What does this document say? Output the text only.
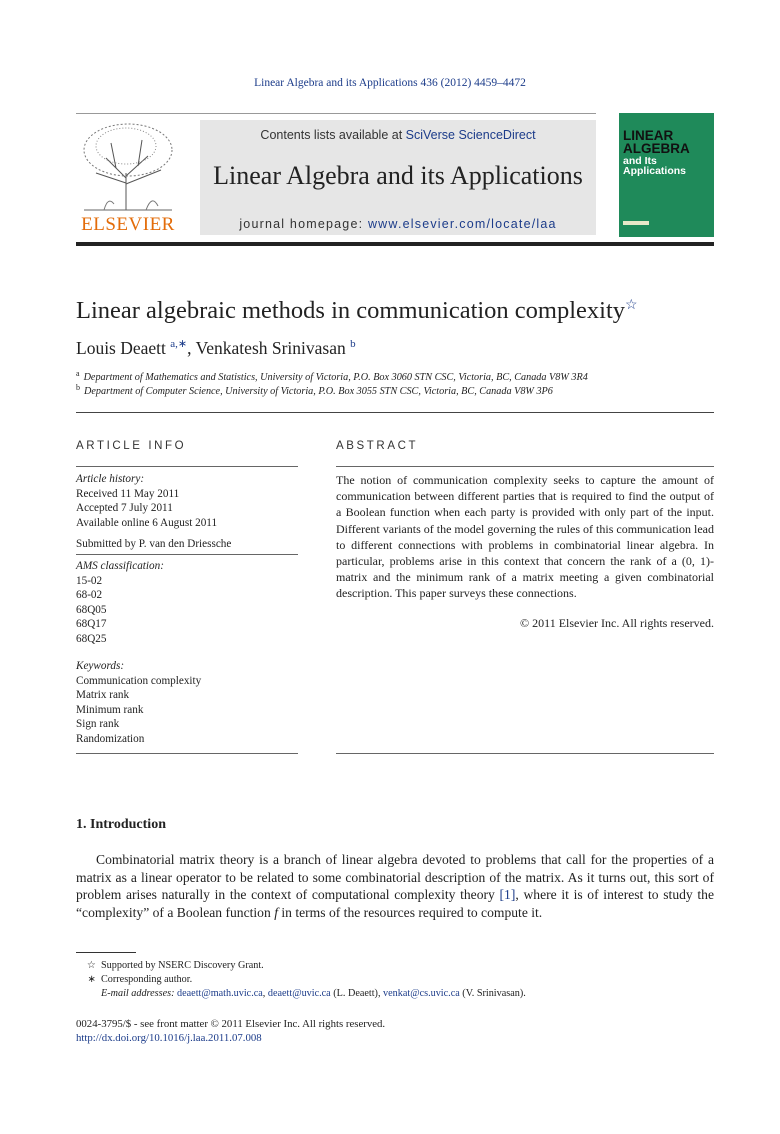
Linear Algebra and its Applications 436 (2012) 4459–4472
ELSEVIER
Contents lists available at SciVerse ScienceDirect
Linear Algebra and its Applications
journal homepage: www.elsevier.com/locate/laa
LINEAR
ALGEBRA
and Its
Applications
Linear algebraic methods in communication complexity☆
Louis Deaett $^{a,∗}$, Venkatesh Srinivasan $^b$
$^a$ Department of Mathematics and Statistics, University of Victoria, P.O. Box 3060 STN CSC, Victoria, BC, Canada V8W 3R4
$^b$ Department of Computer Science, University of Victoria, P.O. Box 3055 STN CSC, Victoria, BC, Canada V8W 3P6
ARTICLE INFO
Article history:
Received 11 May 2011
Accepted 7 July 2011
Available online 6 August 2011
Submitted by P. van den Driessche
AMS classification:
15-02
68-02
68Q05
68Q17
68Q25
Keywords:
Communication complexity
Matrix rank
Minimum rank
Sign rank
Randomization
ABSTRACT
The notion of communication complexity seeks to capture the amount of communication between different parties that is required to find the output of a Boolean function when each party is provided with only part of the input. Different variants of the model governing the rules of this communication lead to different connections with problems in combinatorial linear algebra. In particular, problems arise in this context that concern the rank of a (0, 1)-matrix and the minimum rank of a matrix meeting a given combinatorial description. This paper surveys these connections.
© 2011 Elsevier Inc. All rights reserved.
1. Introduction
Combinatorial matrix theory is a branch of linear algebra devoted to problems that call for the properties of a matrix as a linear operator to be related to some combinatorial description of the matrix. As it turns out, this sort of problem arises naturally in the context of computational complexity theory [1], where it is of interest to study the “complexity” of a Boolean function f in terms of the resources required to compute it.
☆ Supported by NSERC Discovery Grant.
∗ Corresponding author.
E-mail addresses: deaett@math.uvic.ca, deaett@uvic.ca (L. Deaett), venkat@cs.uvic.ca (V. Srinivasan).
0024-3795/$ - see front matter © 2011 Elsevier Inc. All rights reserved.
http://dx.doi.org/10.1016/j.laa.2011.07.008
